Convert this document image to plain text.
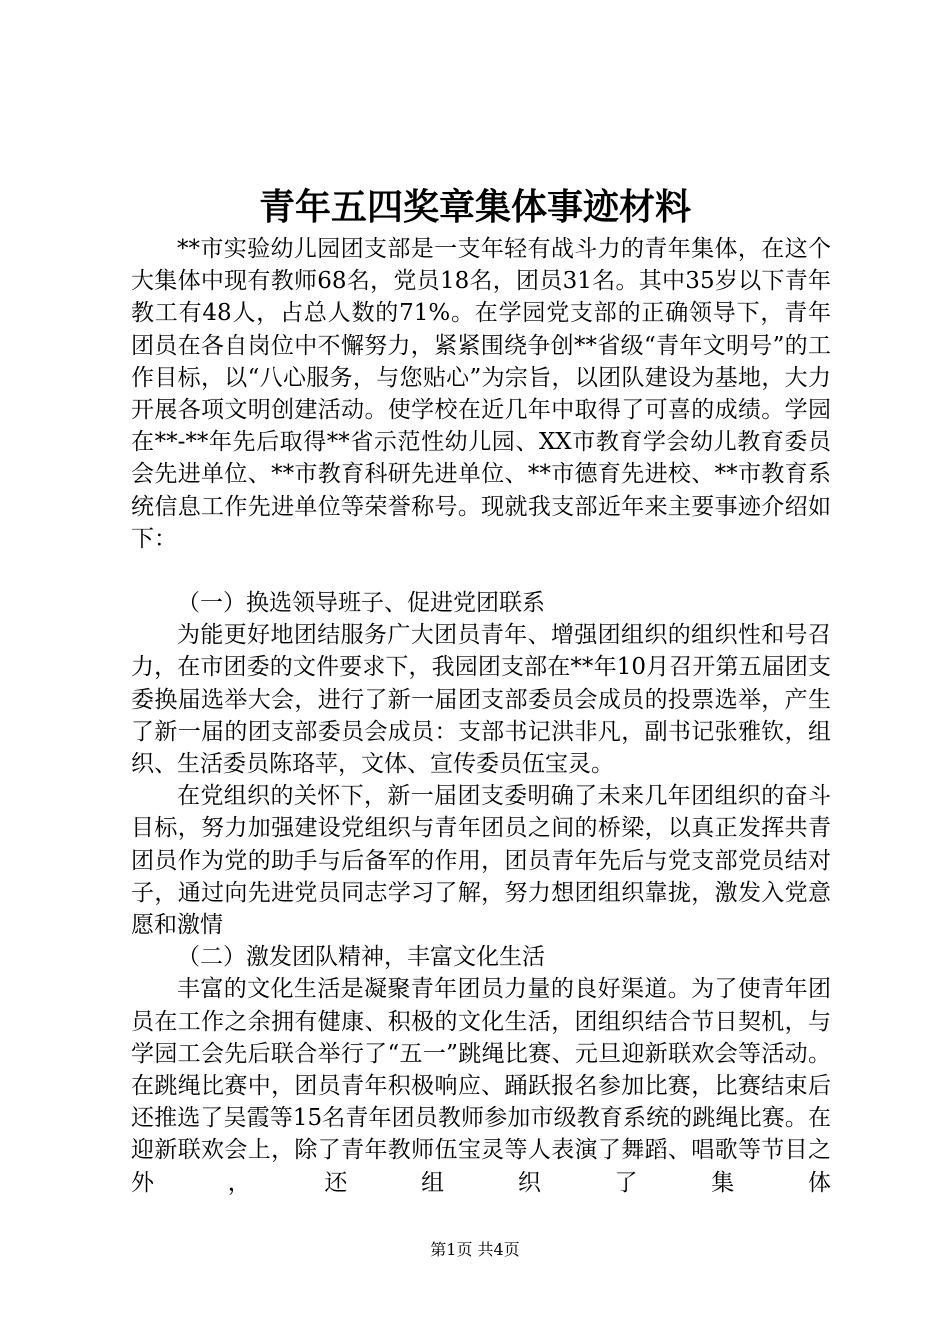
青年五四奖章集体事迹材料

**市实验幼儿园团支部是一支年轻有战斗力的青年集体，在这个大集体中现有教师68名，党员18名，团员31名。其中35岁以下青年教工有48人，占总人数的71%。在学园党支部的正确领导下，青年团员在各自岗位中不懈努力，紧紧围绕争创**省级“青年文明号”的工作目标，以“八心服务，与您贴心”为宗旨，以团队建设为基地，大力开展各项文明创建活动。使学校在近几年中取得了可喜的成绩。学园在**-**年先后取得**省示范性幼儿园、XX市教育学会幼儿教育委员会先进单位、**市教育科研先进单位、**市德育先进校、**市教育系统信息工作先进单位等荣誉称号。现就我支部近年来主要事迹介绍如下：

（一）换选领导班子、促进党团联系

为能更好地团结服务广大团员青年、增强团组织的组织性和号召力，在市团委的文件要求下，我园团支部在**年10月召开第五届团支委换届选举大会，进行了新一届团支部委员会成员的投票选举，产生了新一届的团支部委员会成员：支部书记洪非凡，副书记张雅钦，组织、生活委员陈珞苹，文体、宣传委员伍宝灵。

在党组织的关怀下，新一届团支委明确了未来几年团组织的奋斗目标，努力加强建设党组织与青年团员之间的桥梁，以真正发挥共青团员作为党的助手与后备军的作用，团员青年先后与党支部党员结对子，通过向先进党员同志学习了解，努力想团组织靠拢，激发入党意愿和激情

（二）激发团队精神，丰富文化生活

丰富的文化生活是凝聚青年团员力量的良好渠道。为了使青年团员在工作之余拥有健康、积极的文化生活，团组织结合节日契机，与学园工会先后联合举行了“五一”跳绳比赛、元旦迎新联欢会等活动。在跳绳比赛中，团员青年积极响应、踊跃报名参加比赛，比赛结束后还推选了吴霞等15名青年团员教师参加市级教育系统的跳绳比赛。在迎新联欢会上，除了青年教师伍宝灵等人表演了舞蹈、唱歌等节目之外，还组织了集体

第1页 共4页
